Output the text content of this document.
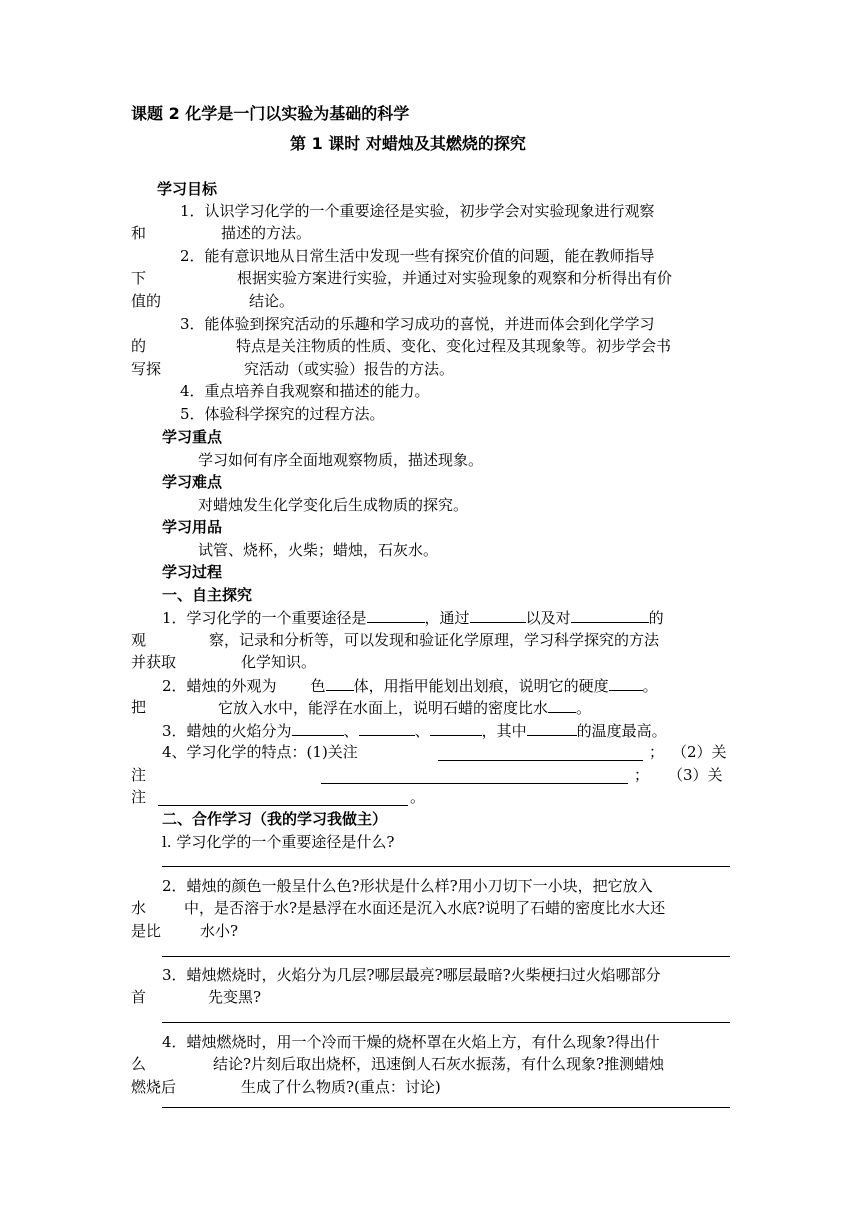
课题 2 化学是一门以实验为基础的科学
第 1 课时 对蜡烛及其燃烧的探究
学习目标
1．认识学习化学的一个重要途径是实验，初步学会对实验现象进行观察
和	描述的方法。
2．能有意识地从日常生活中发现一些有探究价值的问题，能在教师指导
下	根据实验方案进行实验，并通过对实验现象的观察和分析得出有价
值的	结论。
3．能体验到探究活动的乐趣和学习成功的喜悦，并进而体会到化学学习
的	特点是关注物质的性质、变化、变化过程及其现象等。初步学会书
写探	究活动（或实验）报告的方法。
4．重点培养自我观察和描述的能力。
5．体验科学探究的过程方法。
学习重点
学习如何有序全面地观察物质，描述现象。
学习难点
对蜡烛发生化学变化后生成物质的探究。
学习用品
试管、烧杯，火柴；蜡烛，石灰水。
学习过程
一、自主探究
1．学习化学的一个重要途径是	，通过	以及对	的
观	察，记录和分析等，可以发现和验证化学原理，学习科学探究的方法
并获取	化学知识。
2．蜡烛的外观为 色 体，用指甲能划出划痕，说明它的硬度 。
把	它放入水中，能浮在水面上，说明石蜡的密度比水 。
3．蜡烛的火焰分为	、	、	，其中	的温度最高。
4、学习化学的特点：(1)关注	； （2）关
注	； （3）关
注	。
二、合作学习（我的学习我做主）
l. 学习化学的一个重要途径是什么?
2．蜡烛的颜色一般呈什么色?形状是什么样?用小刀切下一小块，把它放入
水	中，是否溶于水?是悬浮在水面还是沉入水底?说明了石蜡的密度比水大还
是比	水小?
3．蜡烛燃烧时，火焰分为几层?哪层最亮?哪层最暗?火柴梗扫过火焰哪部分
首	先变黑?
4．蜡烛燃烧时，用一个冷而干燥的烧杯罩在火焰上方，有什么现象?得出什
么	结论?片刻后取出烧杯，迅速倒人石灰水振荡，有什么现象?推测蜡烛
燃烧后	生成了什么物质?(重点：讨论)
